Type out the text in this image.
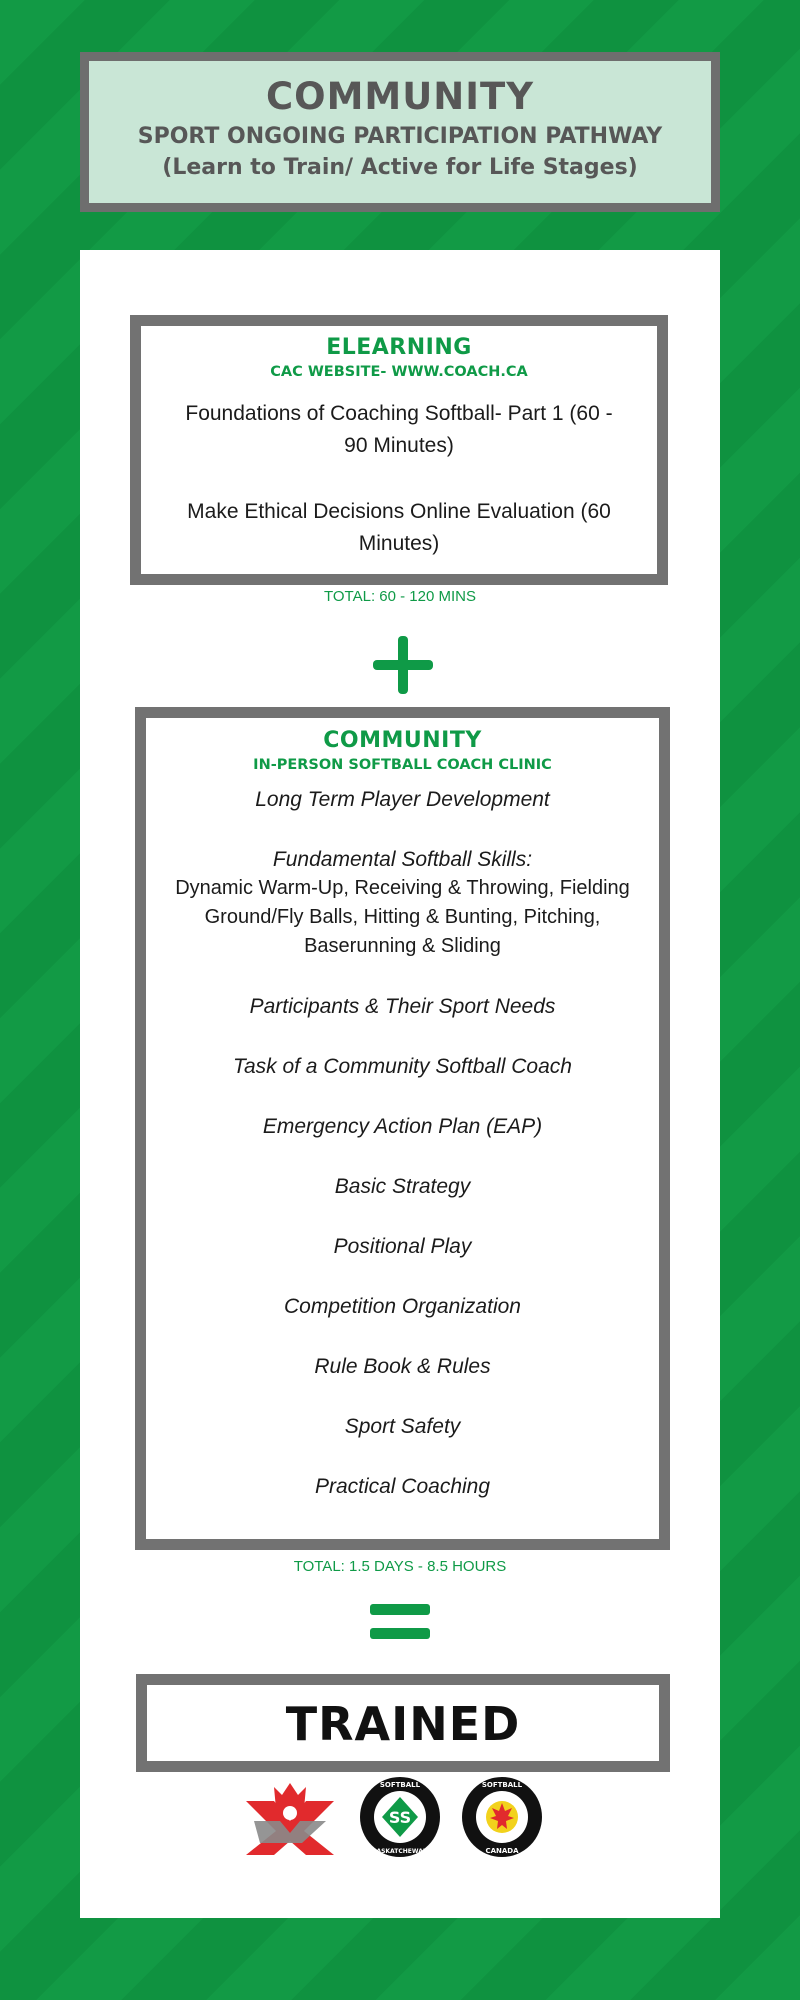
COMMUNITY
SPORT ONGOING PARTICIPATION PATHWAY
(Learn to Train/ Active for Life Stages)
ELEARNING
CAC WEBSITE- WWW.COACH.CA
Foundations of Coaching Softball- Part 1 (60 - 90 Minutes)
Make Ethical Decisions Online Evaluation (60 Minutes)
TOTAL: 60 - 120 MINS
COMMUNITY
IN-PERSON SOFTBALL COACH CLINIC
Long Term Player Development
Fundamental Softball Skills:
Dynamic Warm-Up, Receiving & Throwing, Fielding Ground/Fly Balls, Hitting & Bunting, Pitching, Baserunning & Sliding
Participants & Their Sport Needs
Task of a Community Softball Coach
Emergency Action Plan (EAP)
Basic Strategy
Positional Play
Competition Organization
Rule Book & Rules
Sport Safety
Practical Coaching
TOTAL: 1.5 DAYS - 8.5 HOURS
TRAINED
SS
SOFTBALL
SASKATCHEWAN
SOFTBALL
CANADA
